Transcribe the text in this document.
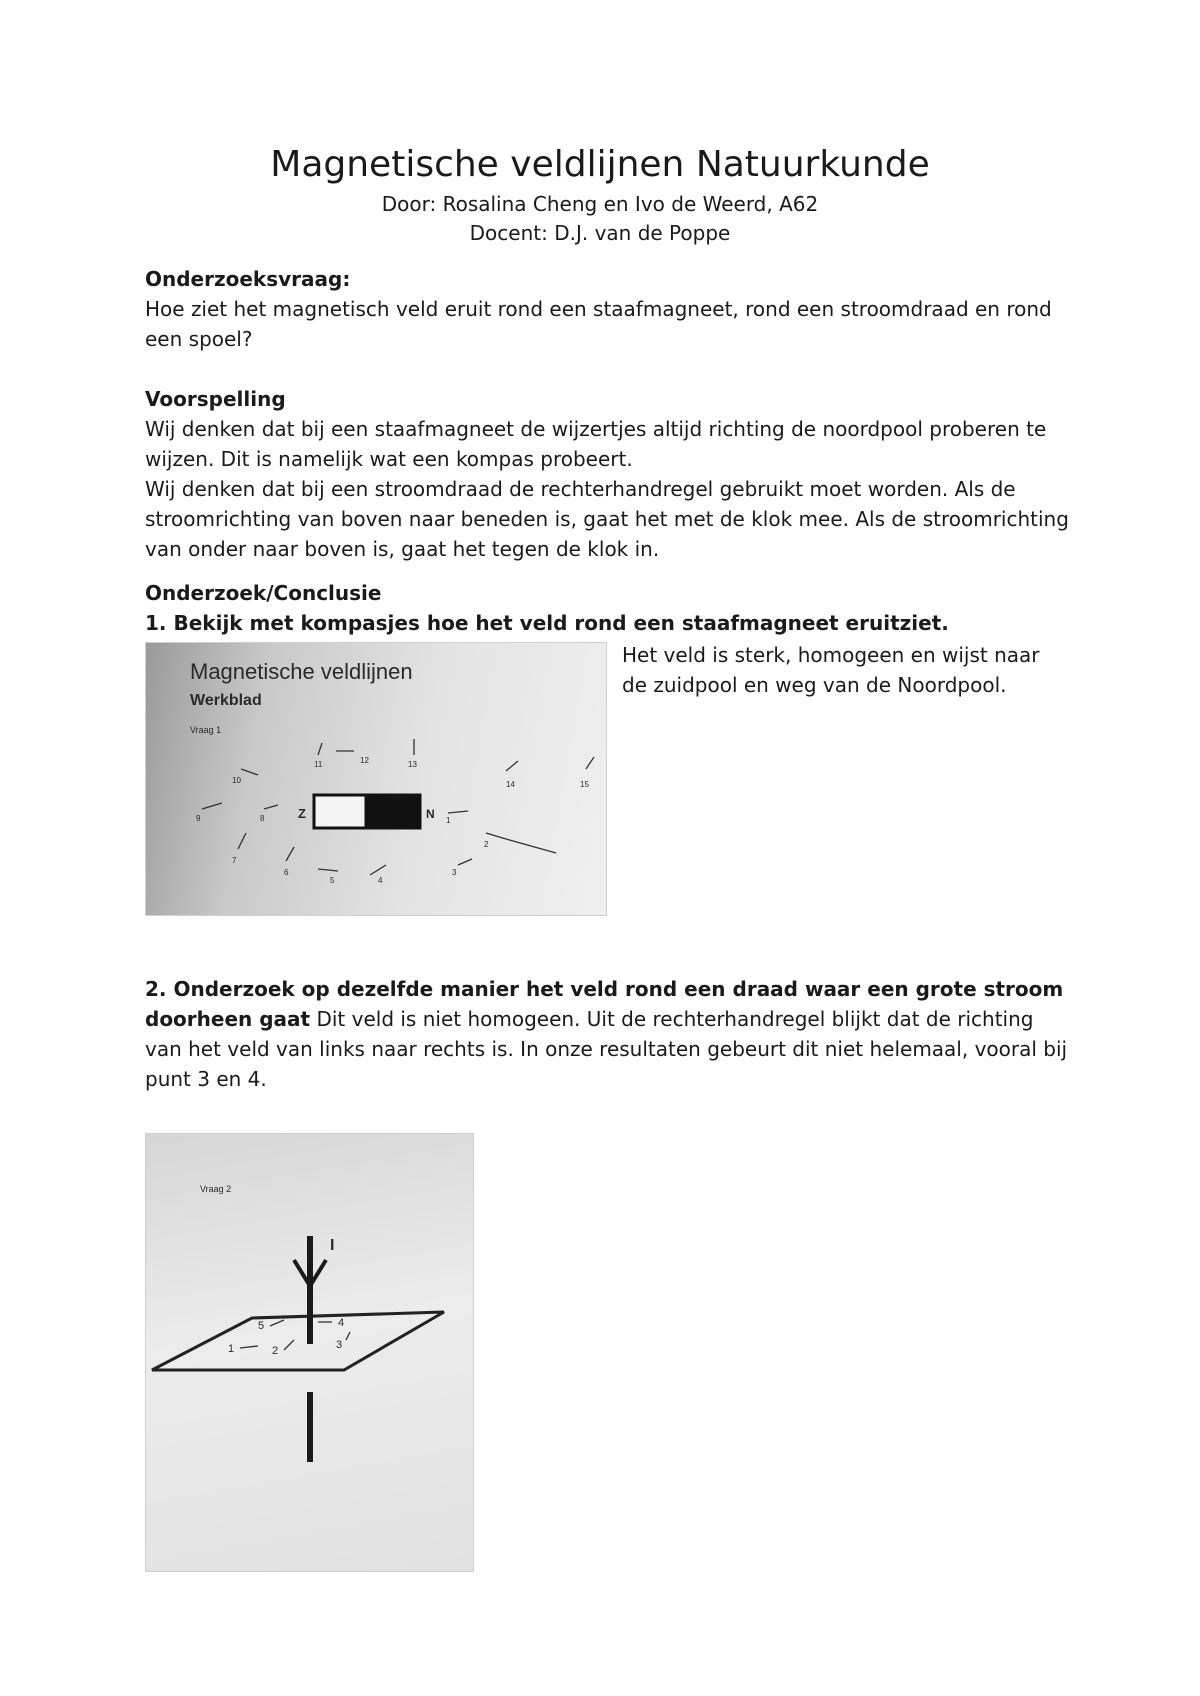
Magnetische veldlijnen Natuurkunde

Door: Rosalina Cheng en Ivo de Weerd, A62

Docent: D.J. van de Poppe

Onderzoeksvraag:

Hoe ziet het magnetisch veld eruit rond een staafmagneet, rond een stroomdraad en rond een spoel?

Voorspelling

Wij denken dat bij een staafmagneet de wijzertjes altijd richting de noordpool proberen te wijzen. Dit is namelijk wat een kompas probeert.

Wij denken dat bij een stroomdraad de rechterhandregel gebruikt moet worden. Als de stroomrichting van boven naar beneden is, gaat het met de klok mee. Als de stroomrichting van onder naar boven is, gaat het tegen de klok in.

Onderzoek/Conclusie

1. Bekijk met kompasjes hoe het veld rond een staafmagneet eruitziet.

Magnetische veldlijnen
Werkblad
Vraag 1
Z	N
10
11	12	13
14	15
9	8	1
2
7
6
5	4
3
Het veld is sterk, homogeen en wijst naar de zuidpool en weg van de Noordpool.

2. Onderzoek op dezelfde manier het veld rond een draad waar een grote stroom doorheen gaat Dit veld is niet homogeen. Uit de rechterhandregel blijkt dat de richting van het veld van links naar rechts is. In onze resultaten gebeurt dit niet helemaal, vooral bij punt 3 en 4.

Vraag 2
I
5	4
1	2	3
